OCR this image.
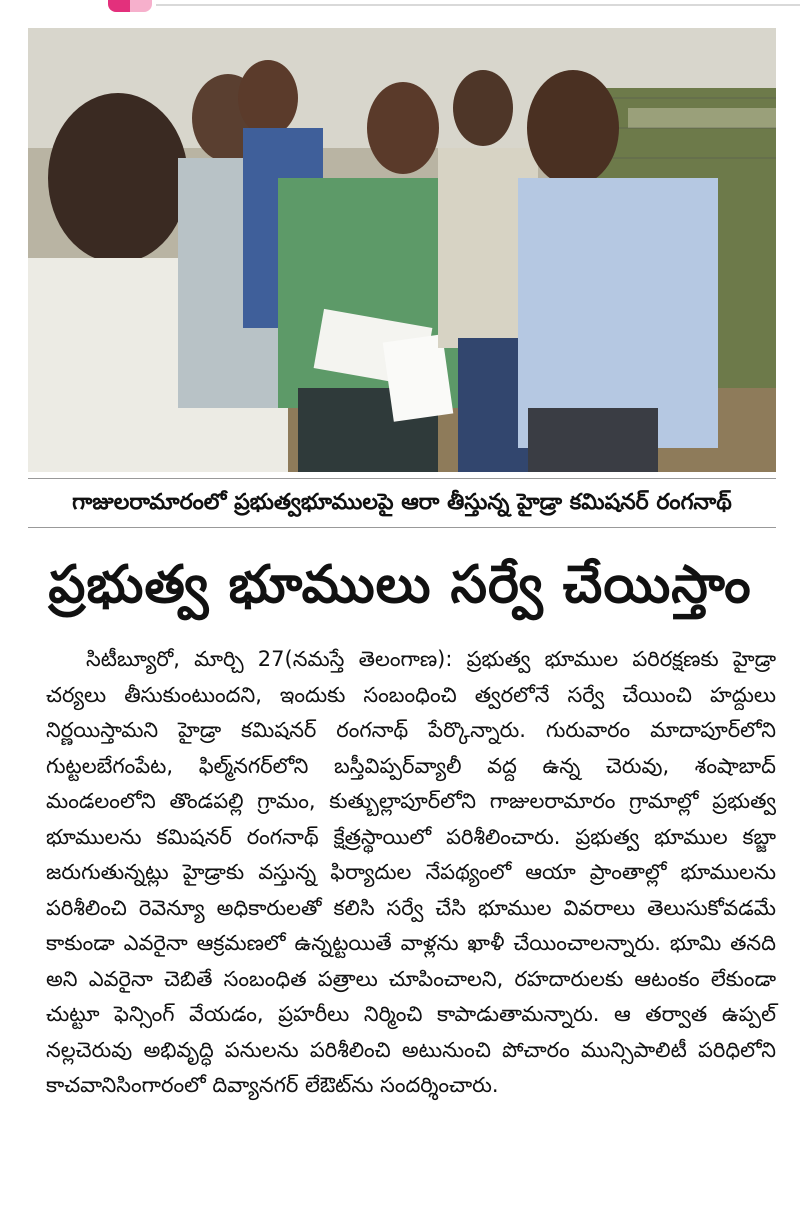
గాజులరామారంలో ప్రభుత్వభూములపై ఆరా తీస్తున్న హైడ్రా కమిషనర్ రంగనాథ్
ప్రభుత్వ భూములు సర్వే చేయిస్తాం

సిటీబ్యూరో, మార్చి 27(నమస్తే తెలంగాణ): ప్రభుత్వ భూముల పరిరక్షణకు హైడ్రా చర్యలు తీసుకుంటుందని, ఇందుకు సంబంధించి త్వరలోనే సర్వే చేయించి హద్దులు నిర్ణయిస్తామని హైడ్రా కమిషనర్ రంగనాథ్ పేర్కొన్నారు. గురువారం మాదాపూర్‌లోని గుట్టలబేగంపేట, ఫిల్మ్‌నగర్‌లోని బస్తీవిప్పర్‌వ్యాలీ వద్ద ఉన్న చెరువు, శంషాబాద్ మండలంలోని తొండపల్లి గ్రామం, కుత్బుల్లాపూర్‌లోని గాజులరామారం గ్రామాల్లో ప్రభుత్వ భూములను కమిషనర్ రంగనాథ్ క్షేత్రస్థాయిలో పరిశీలించారు. ప్రభుత్వ భూముల కబ్జా జరుగుతున్నట్లు హైడ్రాకు వస్తున్న ఫిర్యాదుల నేపథ్యంలో ఆయా ప్రాంతాల్లో భూములను పరిశీలించి రెవెన్యూ అధికారులతో కలిసి సర్వే చేసి భూముల వివరాలు తెలుసుకోవడమే కాకుండా ఎవరైనా ఆక్రమణలో ఉన్నట్టయితే వాళ్లను ఖాళీ చేయించాలన్నారు. భూమి తనది అని ఎవరైనా చెబితే సంబంధిత పత్రాలు చూపించాలని, రహదారులకు ఆటంకం లేకుండా చుట్టూ ఫెన్సింగ్ వేయడం, ప్రహరీలు నిర్మించి కాపాడుతామన్నారు. ఆ తర్వాత ఉప్పల్ నల్లచెరువు అభివృద్ధి పనులను పరిశీలించి అటునుంచి పోచారం మున్సిపాలిటీ పరిధిలోని కాచవానిసింగారంలో దివ్యానగర్ లేఔట్‌ను సందర్శించారు.
